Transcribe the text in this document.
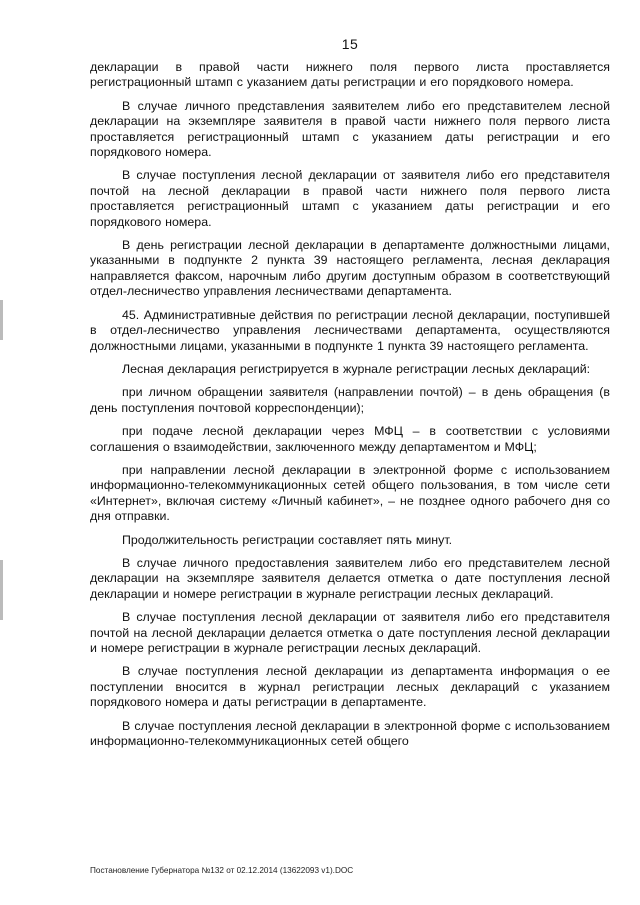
15

декларации в правой части нижнего поля первого листа проставляется регистрационный штамп с указанием даты регистрации и его порядкового номера.

В случае личного представления заявителем либо его представителем лесной декларации на экземпляре заявителя в правой части нижнего поля первого листа проставляется регистрационный штамп с указанием даты регистрации и его порядкового номера.

В случае поступления лесной декларации от заявителя либо его представителя почтой на лесной декларации в правой части нижнего поля первого листа проставляется регистрационный штамп с указанием даты регистрации и его порядкового номера.

В день регистрации лесной декларации в департаменте должностными лицами, указанными в подпункте 2 пункта 39 настоящего регламента, лесная декларация направляется факсом, нарочным либо другим доступным образом в соответствующий отдел-лесничество управления лесничествами департамента.

45. Административные действия по регистрации лесной декларации, поступившей в отдел-лесничество управления лесничествами департамента, осуществляются должностными лицами, указанными в подпункте 1 пункта 39 настоящего регламента.

Лесная декларация регистрируется в журнале регистрации лесных деклараций:

при личном обращении заявителя (направлении почтой) – в день обращения (в день поступления почтовой корреспонденции);

при подаче лесной декларации через МФЦ – в соответствии с условиями соглашения о взаимодействии, заключенного между департаментом и МФЦ;

при направлении лесной декларации в электронной форме с использованием информационно-телекоммуникационных сетей общего пользования, в том числе сети «Интернет», включая систему «Личный кабинет», – не позднее одного рабочего дня со дня отправки.

Продолжительность регистрации составляет пять минут.

В случае личного предоставления заявителем либо его представителем лесной декларации на экземпляре заявителя делается отметка о дате поступления лесной декларации и номере регистрации в журнале регистрации лесных деклараций.

В случае поступления лесной декларации от заявителя либо его представителя почтой на лесной декларации делается отметка о дате поступления лесной декларации и номере регистрации в журнале регистрации лесных деклараций.

В случае поступления лесной декларации из департамента информация о ее поступлении вносится в журнал регистрации лесных деклараций с указанием порядкового номера и даты регистрации в департаменте.

В случае поступления лесной декларации в электронной форме с использованием информационно-телекоммуникационных сетей общего

Постановление Губернатора №132 от 02.12.2014 (13622093 v1).DOC
